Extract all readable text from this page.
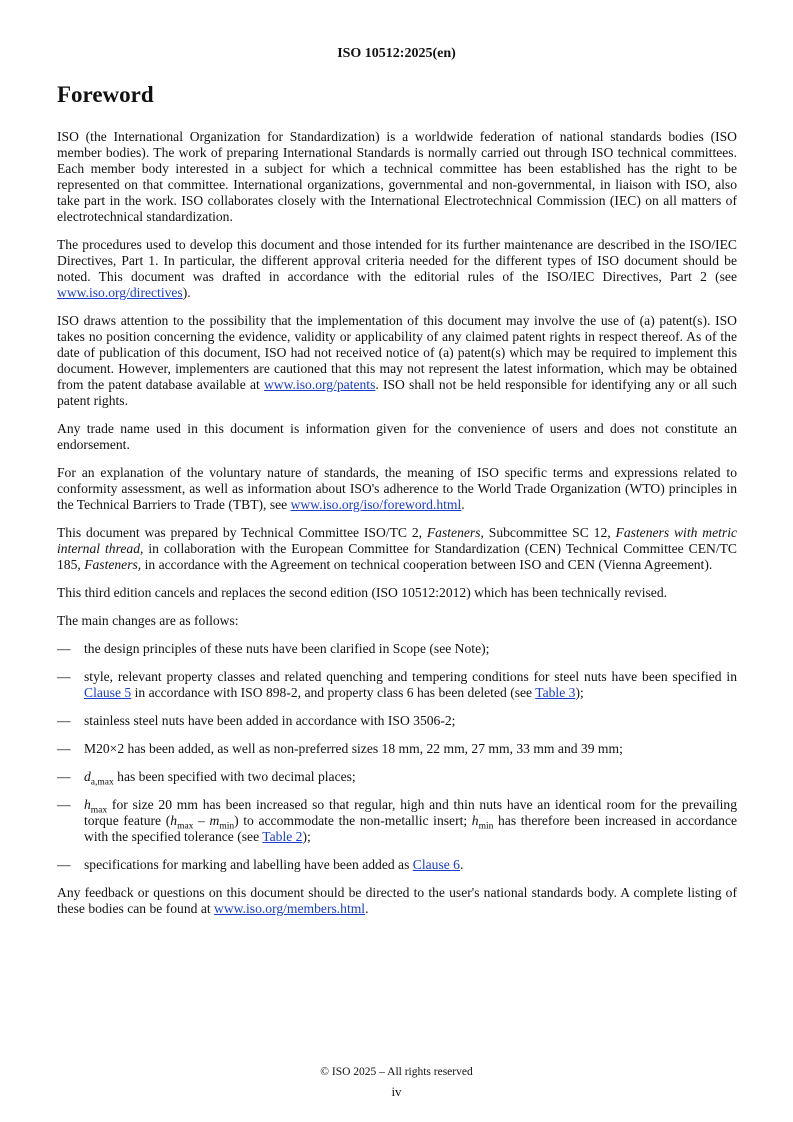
ISO 10512:2025(en)
Foreword

ISO (the International Organization for Standardization) is a worldwide federation of national standards bodies (ISO member bodies). The work of preparing International Standards is normally carried out through ISO technical committees. Each member body interested in a subject for which a technical committee has been established has the right to be represented on that committee. International organizations, governmental and non-governmental, in liaison with ISO, also take part in the work. ISO collaborates closely with the International Electrotechnical Commission (IEC) on all matters of electrotechnical standardization.

The procedures used to develop this document and those intended for its further maintenance are described in the ISO/IEC Directives, Part 1. In particular, the different approval criteria needed for the different types of ISO document should be noted. This document was drafted in accordance with the editorial rules of the ISO/IEC Directives, Part 2 (see www.iso.org/directives).

ISO draws attention to the possibility that the implementation of this document may involve the use of (a) patent(s). ISO takes no position concerning the evidence, validity or applicability of any claimed patent rights in respect thereof. As of the date of publication of this document, ISO had not received notice of (a) patent(s) which may be required to implement this document. However, implementers are cautioned that this may not represent the latest information, which may be obtained from the patent database available at www.iso.org/patents. ISO shall not be held responsible for identifying any or all such patent rights.

Any trade name used in this document is information given for the convenience of users and does not constitute an endorsement.

For an explanation of the voluntary nature of standards, the meaning of ISO specific terms and expressions related to conformity assessment, as well as information about ISO's adherence to the World Trade Organization (WTO) principles in the Technical Barriers to Trade (TBT), see www.iso.org/iso/foreword.html.

This document was prepared by Technical Committee ISO/TC 2, Fasteners, Subcommittee SC 12, Fasteners with metric internal thread, in collaboration with the European Committee for Standardization (CEN) Technical Committee CEN/TC 185, Fasteners, in accordance with the Agreement on technical cooperation between ISO and CEN (Vienna Agreement).

This third edition cancels and replaces the second edition (ISO 10512:2012) which has been technically revised.

The main changes are as follows:

— the design principles of these nuts have been clarified in Scope (see Note);
— style, relevant property classes and related quenching and tempering conditions for steel nuts have been specified in Clause 5 in accordance with ISO 898-2, and property class 6 has been deleted (see Table 3);
— stainless steel nuts have been added in accordance with ISO 3506-2;
— M20×2 has been added, as well as non-preferred sizes 18 mm, 22 mm, 27 mm, 33 mm and 39 mm;
— $d_{a,max}$ has been specified with two decimal places;
— $h_{max}$ for size 20 mm has been increased so that regular, high and thin nuts have an identical room for the prevailing torque feature $(h_{max} - m_{min})$ to accommodate the non-metallic insert; $h_{min}$ has therefore been increased in accordance with the specified tolerance (see Table 2);
— specifications for marking and labelling have been added as Clause 6.

Any feedback or questions on this document should be directed to the user's national standards body. A complete listing of these bodies can be found at www.iso.org/members.html.

© ISO 2025 – All rights reserved
iv
